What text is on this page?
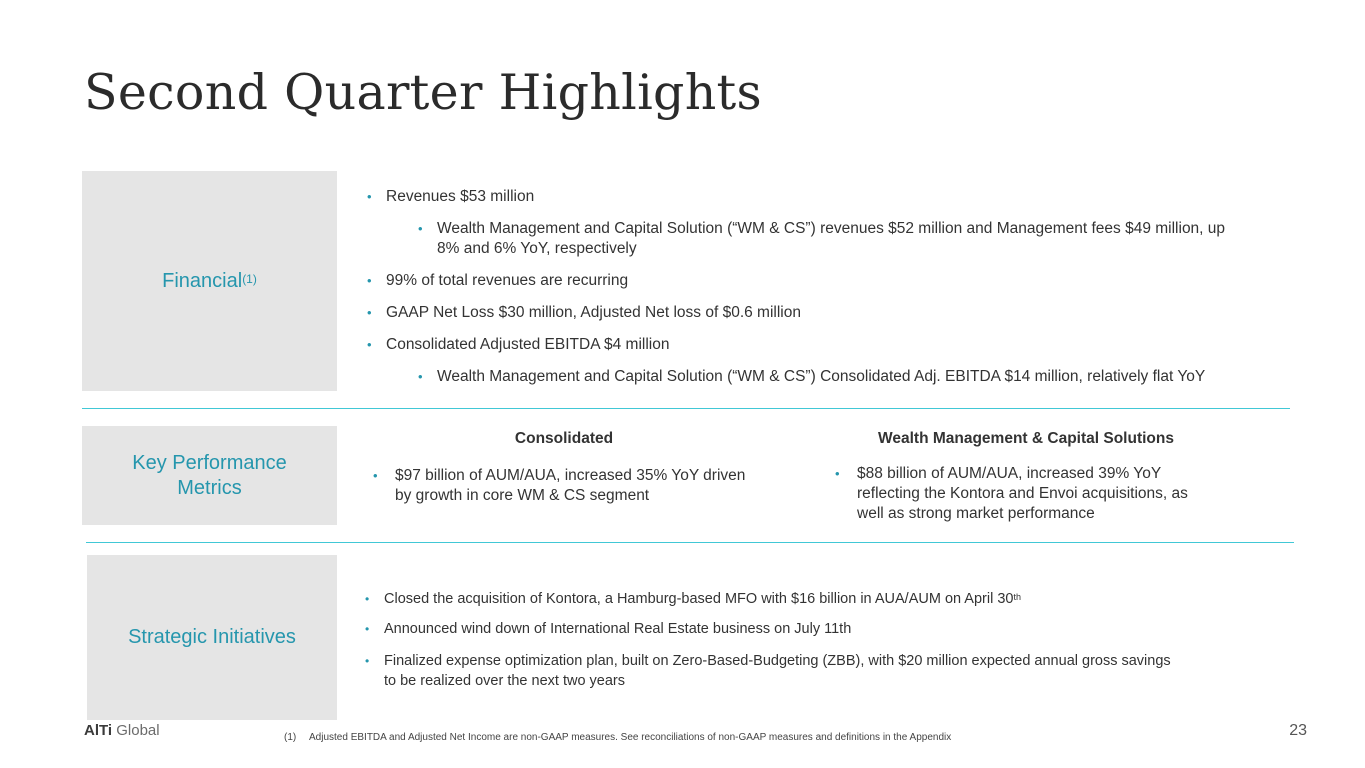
Second Quarter Highlights
Financial$^{(1)}$
• Revenues $53 million
• Wealth Management and Capital Solution (“WM & CS”) revenues $52 million and Management fees $49 million, up
8% and 6% YoY, respectively
• 99% of total revenues are recurring
• GAAP Net Loss $30 million, Adjusted Net loss of $0.6 million
• Consolidated Adjusted EBITDA $4 million
• Wealth Management and Capital Solution (“WM & CS”) Consolidated Adj. EBITDA $14 million, relatively flat YoY
Key Performance Metrics
Consolidated	Wealth Management & Capital Solutions
• $97 billion of AUM/AUA, increased 35% YoY driven
by growth in core WM & CS segment
• $88 billion of AUM/AUA, increased 39% YoY
reflecting the Kontora and Envoi acquisitions, as
well as strong market performance
Strategic Initiatives
• Closed the acquisition of Kontora, a Hamburg-based MFO with $16 billion in AUA/AUM on April 30th
• Announced wind down of International Real Estate business on July 11th
• Finalized expense optimization plan, built on Zero-Based-Budgeting (ZBB), with $20 million expected annual gross savings
to be realized over the next two years
AlTi Global	(1) Adjusted EBITDA and Adjusted Net Income are non-GAAP measures. See reconciliations of non-GAAP measures and definitions in the Appendix	23
